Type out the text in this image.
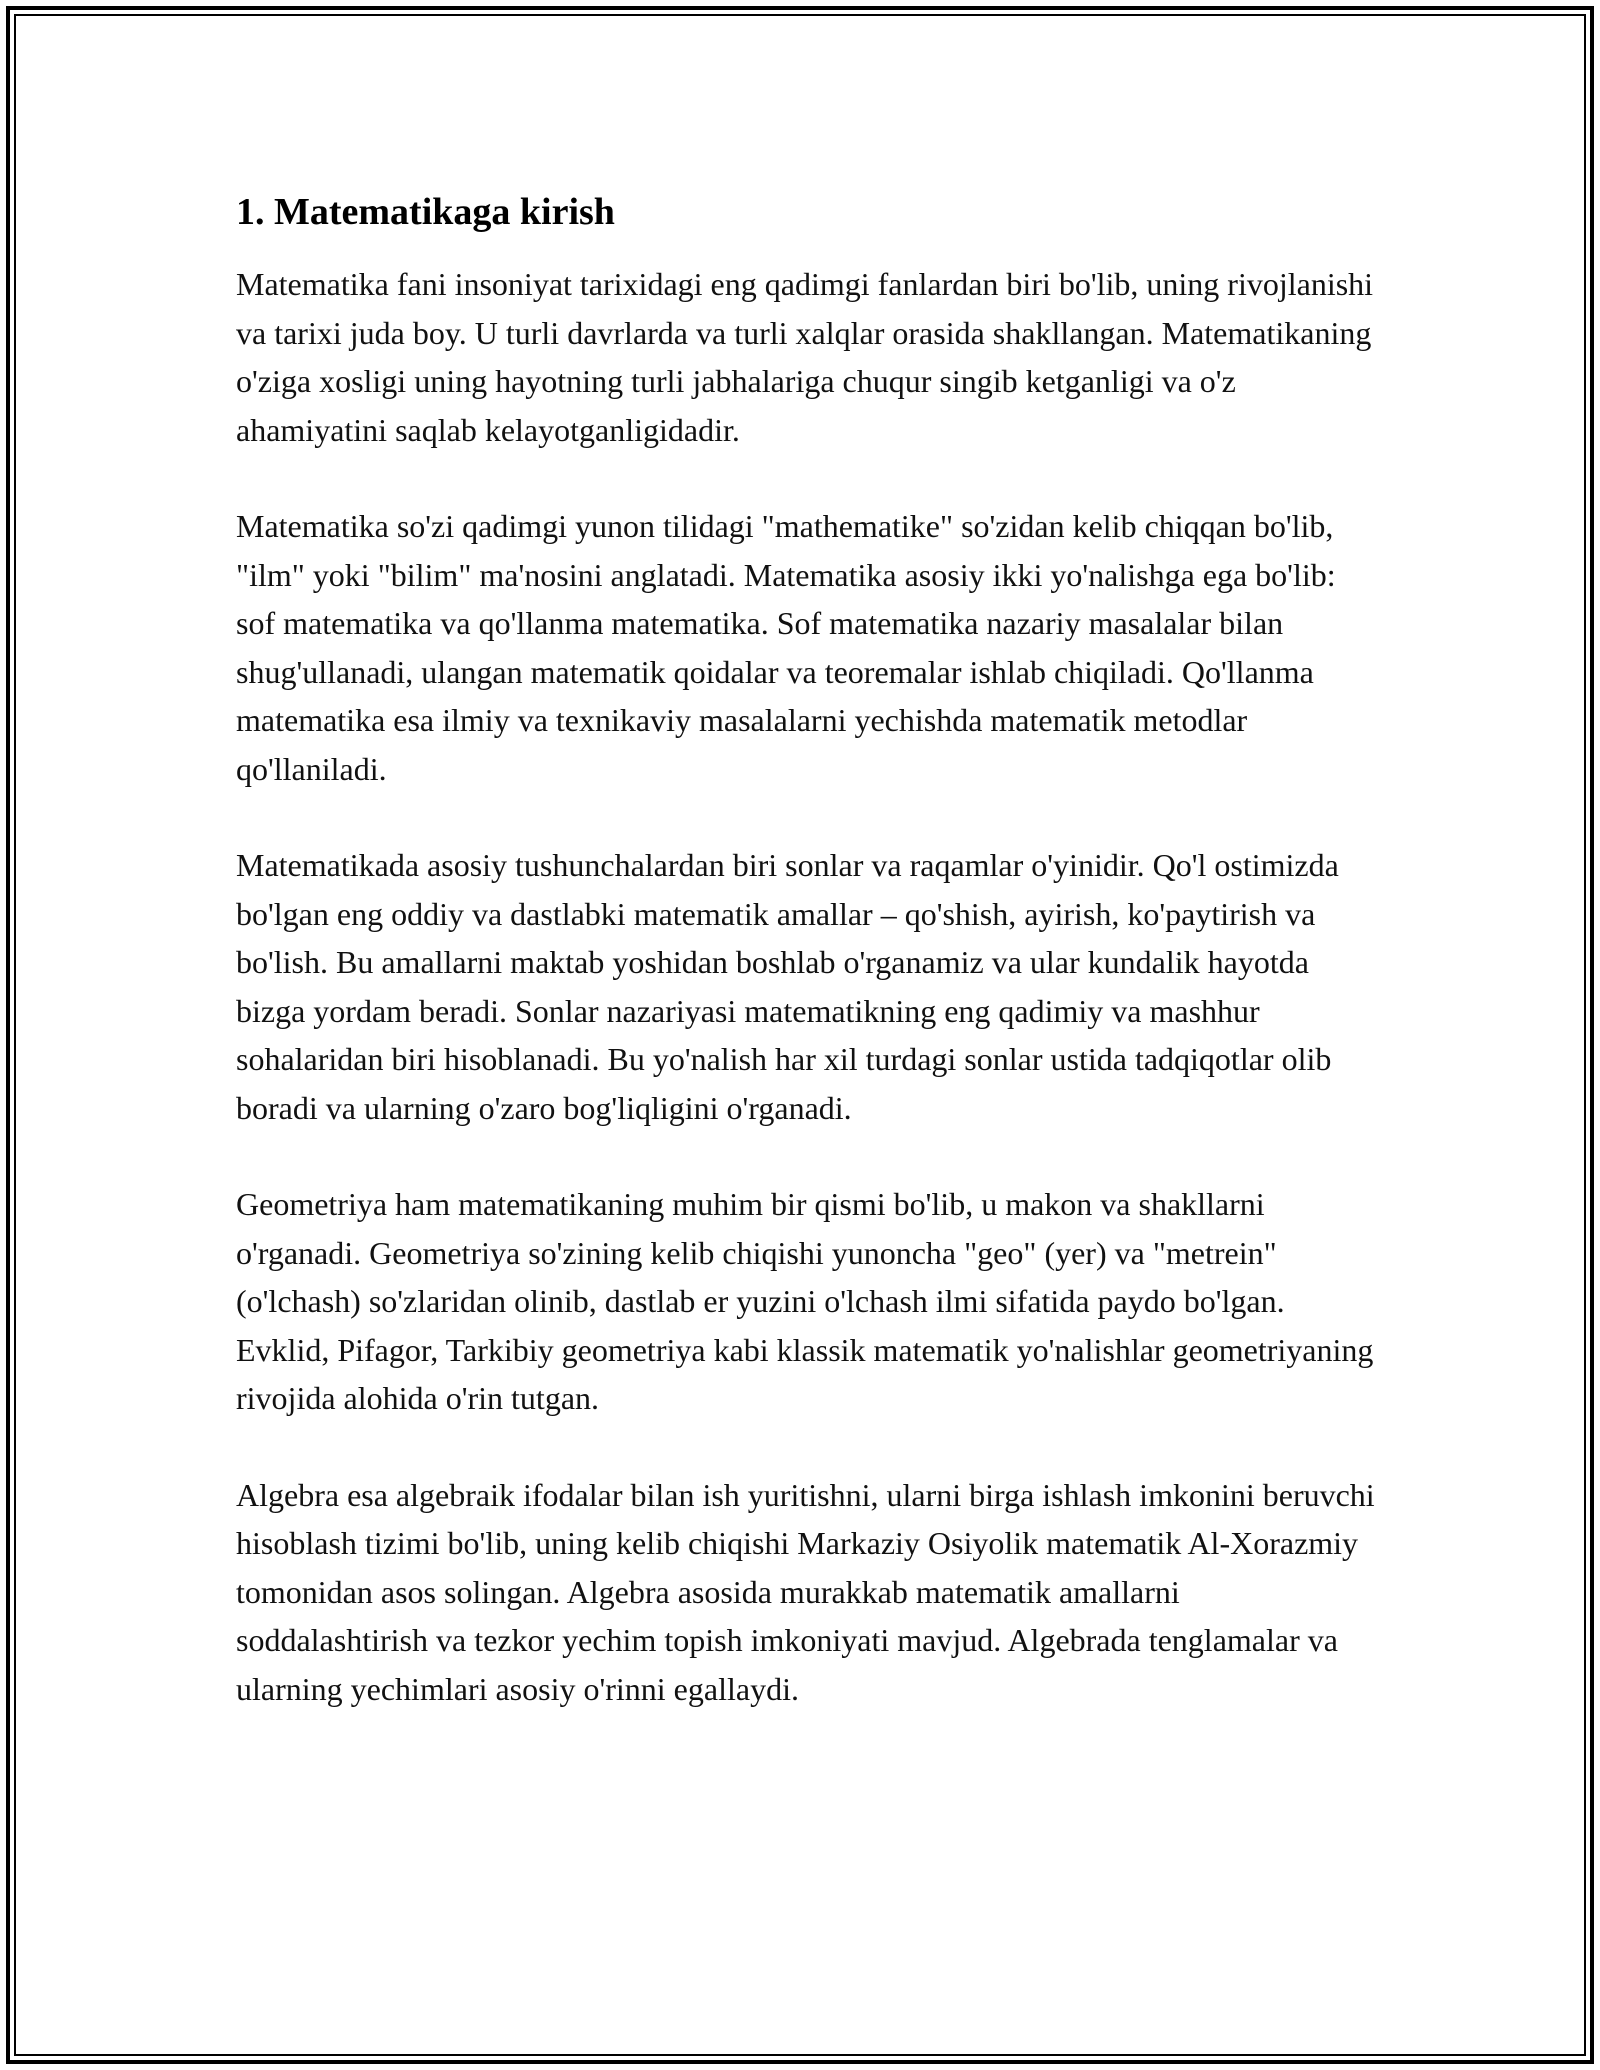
1. Matematikaga kirish

Matematika fani insoniyat tarixidagi eng qadimgi fanlardan biri bo'lib, uning rivojlanishi va tarixi juda boy. U turli davrlarda va turli xalqlar orasida shakllangan. Matematikaning o'ziga xosligi uning hayotning turli jabhalariga chuqur singib ketganligi va o'z ahamiyatini saqlab kelayotganligidadir.

Matematika so'zi qadimgi yunon tilidagi "mathematike" so'zidan kelib chiqqan bo'lib, "ilm" yoki "bilim" ma'nosini anglatadi. Matematika asosiy ikki yo'nalishga ega bo'lib: sof matematika va qo'llanma matematika. Sof matematika nazariy masalalar bilan shug'ullanadi, ulangan matematik qoidalar va teoremalar ishlab chiqiladi. Qo'llanma matematika esa ilmiy va texnikaviy masalalarni yechishda matematik metodlar qo'llaniladi.

Matematikada asosiy tushunchalardan biri sonlar va raqamlar o'yinidir. Qo'l ostimizda bo'lgan eng oddiy va dastlabki matematik amallar – qo'shish, ayirish, ko'paytirish va bo'lish. Bu amallarni maktab yoshidan boshlab o'rganamiz va ular kundalik hayotda bizga yordam beradi. Sonlar nazariyasi matematikning eng qadimiy va mashhur sohalaridan biri hisoblanadi. Bu yo'nalish har xil turdagi sonlar ustida tadqiqotlar olib boradi va ularning o'zaro bog'liqligini o'rganadi.

Geometriya ham matematikaning muhim bir qismi bo'lib, u makon va shakllarni o'rganadi. Geometriya so'zining kelib chiqishi yunoncha "geo" (yer) va "metrein" (o'lchash) so'zlaridan olinib, dastlab er yuzini o'lchash ilmi sifatida paydo bo'lgan. Evklid, Pifagor, Tarkibiy geometriya kabi klassik matematik yo'nalishlar geometriyaning rivojida alohida o'rin tutgan.

Algebra esa algebraik ifodalar bilan ish yuritishni, ularni birga ishlash imkonini beruvchi hisoblash tizimi bo'lib, uning kelib chiqishi Markaziy Osiyolik matematik Al-Xorazmiy tomonidan asos solingan. Algebra asosida murakkab matematik amallarni soddalashtirish va tezkor yechim topish imkoniyati mavjud. Algebrada tenglamalar va ularning yechimlari asosiy o'rinni egallaydi.
